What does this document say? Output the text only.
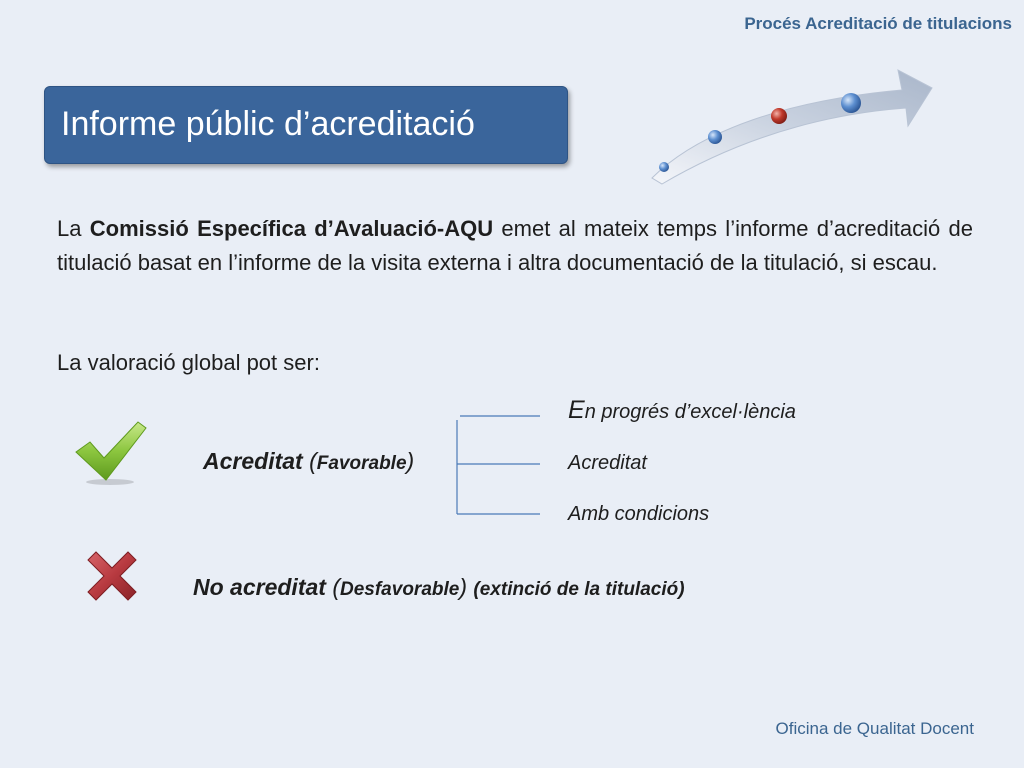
Procés Acreditació de titulacions
Informe públic d’acreditació
La Comissió Específica d’Avaluació-AQU emet al mateix temps l’informe d’acreditació de titulació basat en l’informe de la visita externa i altra documentació de la titulació, si escau.
La valoració global pot ser:
Acreditat (Favorable)
En progrés d’excel·lència
Acreditat
Amb condicions
No acreditat (Desfavorable) (extinció de la titulació)
Oficina de Qualitat Docent
